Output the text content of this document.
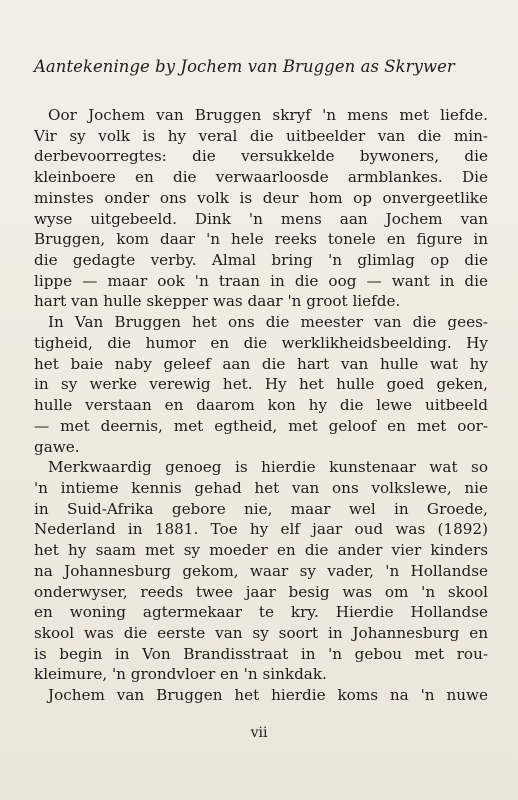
Aantekeninge by Jochem van Bruggen as Skrywer
Oor Jochem van Bruggen skryf 'n mens met liefde.
Vir sy volk is hy veral die uitbeelder van die min-
derbevoorregtes: die versukkelde bywoners, die
kleinboere en die verwaarloosde armblankes. Die
minstes onder ons volk is deur hom op onvergeetlike
wyse uitgebeeld. Dink 'n mens aan Jochem van
Bruggen, kom daar 'n hele reeks tonele en figure in
die gedagte verby. Almal bring 'n glimlag op die
lippe — maar ook 'n traan in die oog — want in die
hart van hulle skepper was daar 'n groot liefde.
In Van Bruggen het ons die meester van die gees-
tigheid, die humor en die werklikheidsbeelding. Hy
het baie naby geleef aan die hart van hulle wat hy
in sy werke verewig het. Hy het hulle goed geken,
hulle verstaan en daarom kon hy die lewe uitbeeld
— met deernis, met egtheid, met geloof en met oor-
gawe.
Merkwaardig genoeg is hierdie kunstenaar wat so
'n intieme kennis gehad het van ons volkslewe, nie
in Suid-Afrika gebore nie, maar wel in Groede,
Nederland in 1881. Toe hy elf jaar oud was (1892)
het hy saam met sy moeder en die ander vier kinders
na Johannesburg gekom, waar sy vader, 'n Hollandse
onderwyser, reeds twee jaar besig was om 'n skool
en woning agtermekaar te kry. Hierdie Hollandse
skool was die eerste van sy soort in Johannesburg en
is begin in Von Brandisstraat in 'n gebou met rou-
kleimure, 'n grondvloer en 'n sinkdak.
Jochem van Bruggen het hierdie koms na 'n nuwe
vii
